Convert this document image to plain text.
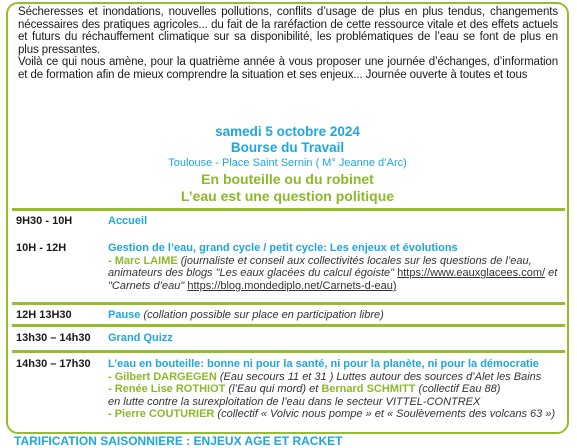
Sécheresses et inondations, nouvelles pollutions, conflits d’usage de plus en plus tendus, changements nécessaires des pratiques agricoles... du fait de la raréfaction de cette ressource vitale et des effets actuels et futurs du réchauffement climatique sur sa disponibilité, les problématiques de l’eau se font de plus en plus pressantes.
Voilà ce qui nous amène, pour la quatrième année à vous proposer une journée d’échanges, d’information et de formation afin de mieux comprendre la situation et ses enjeux... Journée ouverte à toutes et tous
samedi 5 octobre 2024
Bourse du Travail
Toulouse - Place Saint Sernin ( M° Jeanne d’Arc)
En bouteille ou du robinet
L’eau est une question politique
9H30 - 10H	Accueil
10H - 12H	Gestion de l’eau, grand cycle / petit cycle: Les enjeux et évolutions
- Marc LAIME (journaliste et conseil aux collectivités locales sur les questions de l’eau, animateurs des blogs "Les eaux glacées du calcul égoiste" https://www.eauxglacees.com/ et "Carnets d’eau" https://blog.mondediplo.net/Carnets-d-eau)
12H 13H30	Pause (collation possible sur place en participation libre)
13h30 – 14h30	Grand Quizz
14h30 – 17h30	L’eau en bouteille: bonne ni pour la santé, ni pour la planète, ni pour la démocratie
- Gilbert DARGEGEN (Eau secours 11 et 31 ) Luttes autour des sources d’Alet les Bains
- Renée Lise ROTHIOT (l’Eau qui mord) et Bernard SCHMITT (collectif Eau 88)
en lutte contre la surexploitation de l’eau dans le secteur VITTEL-CONTREX
- Pierre COUTURIER (collectif « Volvic nous pompe » et « Soulèvements des volcans 63 »)
TARIFICATION SAISONNIERE : ENJEUX AGE ET RACKET
